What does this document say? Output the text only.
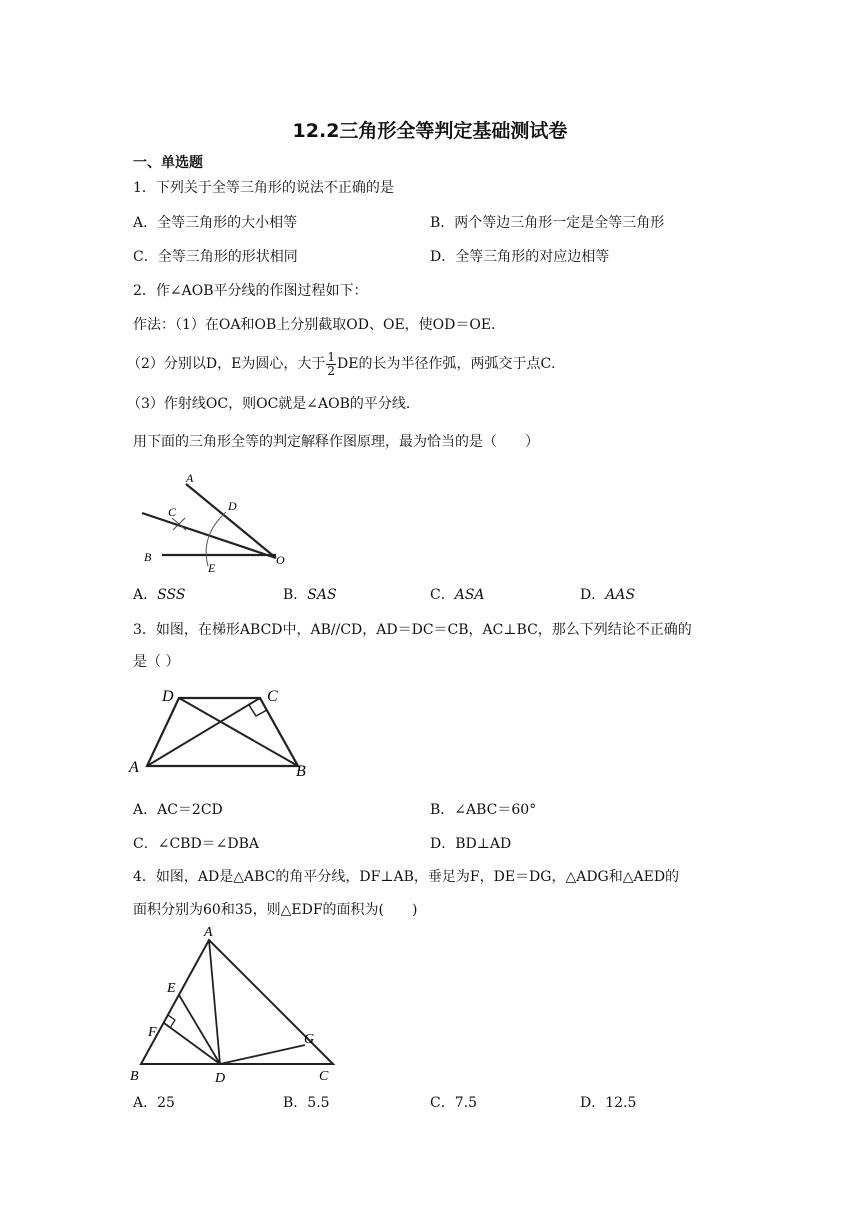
12.2三角形全等判定基础测试卷
一、单选题
1．下列关于全等三角形的说法不正确的是
A．全等三角形的大小相等	B．两个等边三角形一定是全等三角形
C．全等三角形的形状相同	D．全等三角形的对应边相等
2．作∠AOB平分线的作图过程如下：
作法：（1）在OA和OB上分别截取OD、OE，使OD＝OE．
（2）分别以D，E为圆心，大于 $\frac{1}{2}$ DE的长为半径作弧，两弧交于点C．
（3）作射线OC，则OC就是∠AOB的平分线．
用下面的三角形全等的判定解释作图原理，最为恰当的是（　　）
A
D
C
B
E
O
A．SSS	B．SAS	C．ASA	D．AAS
3．如图，在梯形ABCD中，AB//CD，AD＝DC＝CB，AC⊥BC，那么下列结论不正确的
是（ ）
D	C
A	B
A．AC＝2CD	B．∠ABC＝60°
C．∠CBD＝∠DBA	D．BD⊥AD
4．如图，AD是△ABC的角平分线，DF⊥AB，垂足为F，DE＝DG，△ADG和△AED的
面积分别为60和35，则△EDF的面积为(　　)
A
E
F	G
B	D	C
A．25	B．5.5	C．7.5	D．12.5
